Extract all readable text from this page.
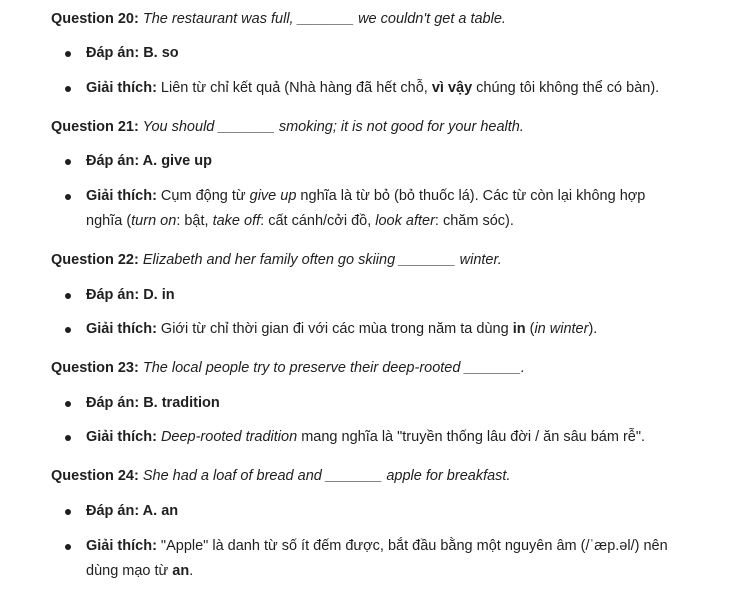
Question 20: The restaurant was full, _______ we couldn't get a table.
Đáp án: B. so
Giải thích: Liên từ chỉ kết quả (Nhà hàng đã hết chỗ, vì vậy chúng tôi không thể có bàn).
Question 21: You should _______ smoking; it is not good for your health.
Đáp án: A. give up
Giải thích: Cụm động từ give up nghĩa là từ bỏ (bỏ thuốc lá). Các từ còn lại không hợp nghĩa (turn on: bật, take off: cất cánh/cởi đồ, look after: chăm sóc).
Question 22: Elizabeth and her family often go skiing _______ winter.
Đáp án: D. in
Giải thích: Giới từ chỉ thời gian đi với các mùa trong năm ta dùng in (in winter).
Question 23: The local people try to preserve their deep-rooted _______.
Đáp án: B. tradition
Giải thích: Deep-rooted tradition mang nghĩa là "truyền thống lâu đời / ăn sâu bám rễ".
Question 24: She had a loaf of bread and _______ apple for breakfast.
Đáp án: A. an
Giải thích: "Apple" là danh từ số ít đếm được, bắt đầu bằng một nguyên âm (/ˈæp.əl/) nên dùng mạo từ an.
